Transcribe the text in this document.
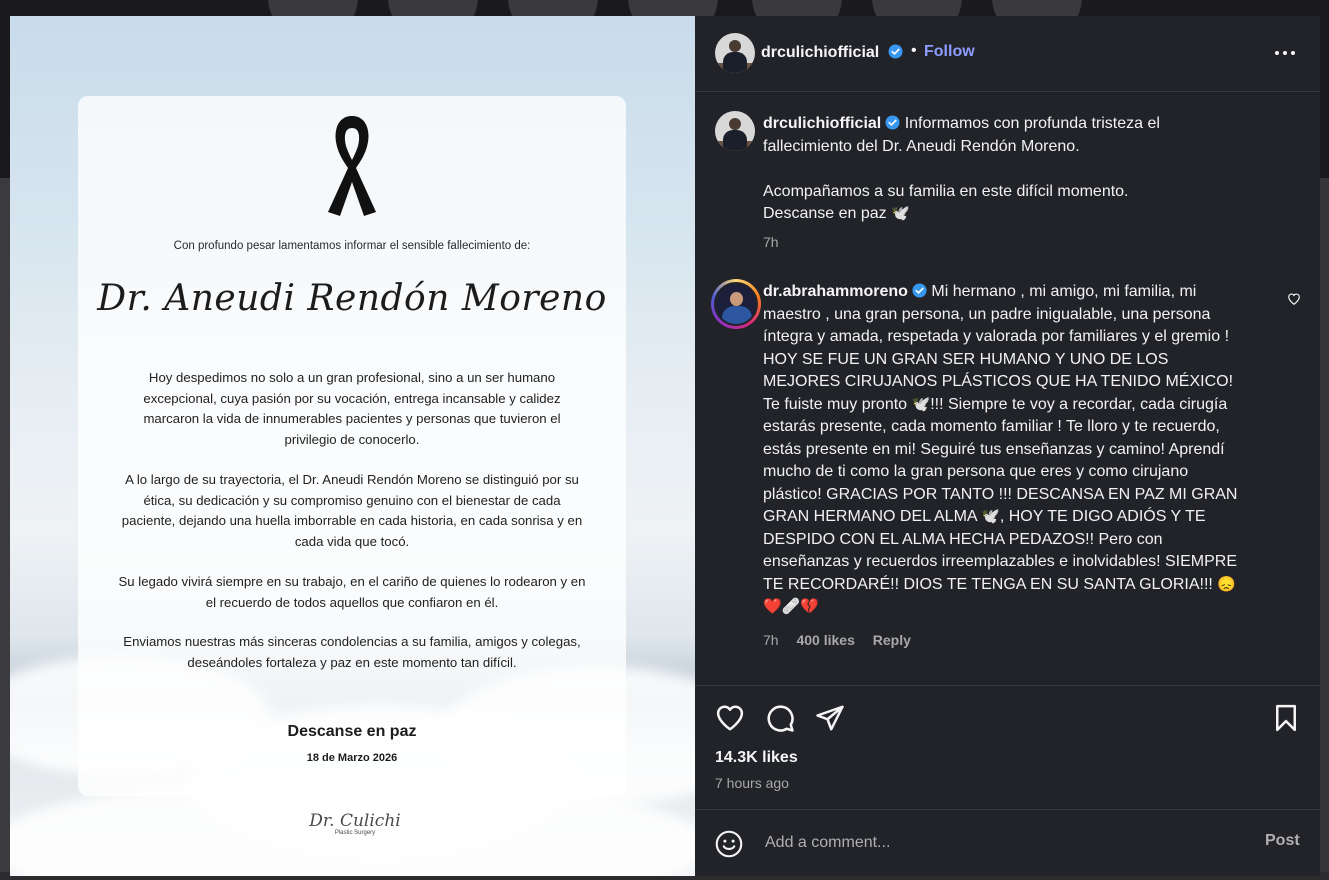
Con profundo pesar lamentamos informar el sensible fallecimiento de:
Dr. Aneudi Rendón Moreno
Hoy despedimos no solo a un gran profesional, sino a un ser humano excepcional, cuya pasión por su vocación, entrega incansable y calidez marcaron la vida de innumerables pacientes y personas que tuvieron el privilegio de conocerlo.
A lo largo de su trayectoria, el Dr. Aneudi Rendón Moreno se distinguió por su ética, su dedicación y su compromiso genuino con el bienestar de cada paciente, dejando una huella imborrable en cada historia, en cada sonrisa y en cada vida que tocó.
Su legado vivirá siempre en su trabajo, en el cariño de quienes lo rodearon y en el recuerdo de todos aquellos que confiaron en él.
Enviamos nuestras más sinceras condolencias a su familia, amigos y colegas, deseándoles fortaleza y paz en este momento tan difícil.
Descanse en paz
18 de Marzo 2026
Dr. Culichi
Plastic Surgery
drculichiofficial	• Follow
drculichiofficial Informamos con profunda tristeza el fallecimiento del Dr. Aneudi Rendón Moreno.

Acompañamos a su familia en este difícil momento.
Descanse en paz 🕊️
7h
dr.abrahammoreno Mi hermano , mi amigo, mi familia, mi maestro , una gran persona, un padre inigualable, una persona íntegra y amada, respetada y valorada por familiares y el gremio ! HOY SE FUE UN GRAN SER HUMANO Y UNO DE LOS MEJORES CIRUJANOS PLÁSTICOS QUE HA TENIDO MÉXICO! Te fuiste muy pronto 🕊️!!! Siempre te voy a recordar, cada cirugía estarás presente, cada momento familiar ! Te lloro y te recuerdo, estás presente en mi! Seguiré tus enseñanzas y camino! Aprendí mucho de ti como la gran persona que eres y como cirujano plástico! GRACIAS POR TANTO !!! DESCANSA EN PAZ MI GRAN GRAN HERMANO DEL ALMA 🕊️, HOY TE DIGO ADIÓS Y TE DESPIDO CON EL ALMA HECHA PEDAZOS!! Pero con enseñanzas y recuerdos irreemplazables e inolvidables! SIEMPRE TE RECORDARÉ!! DIOS TE TENGA EN SU SANTA GLORIA!!! 😞❤️🩹💔
7h 400 likes Reply
14.3K likes
7 hours ago
Add a comment...
Post
